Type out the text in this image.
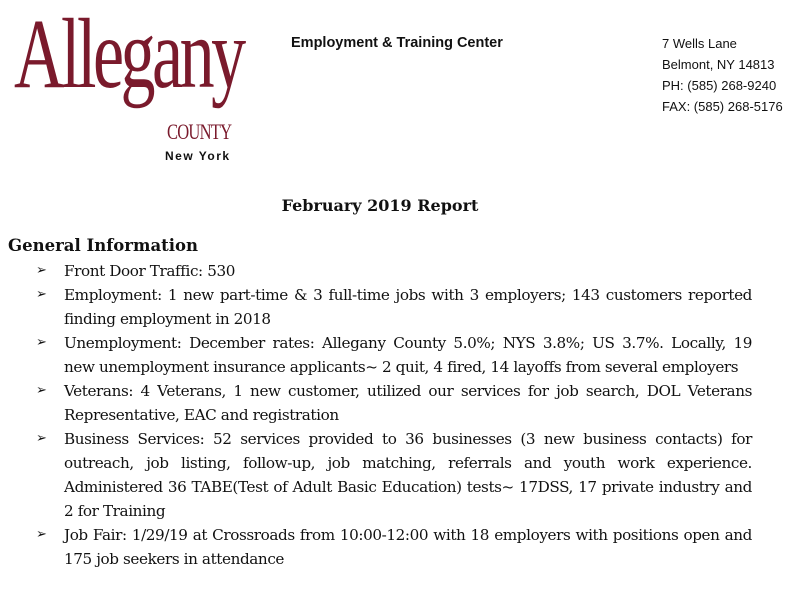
Allegany
COUNTY
New York
Employment & Training Center	7 Wells Lane
Belmont, NY 14813
PH: (585) 268-9240
FAX: (585) 268-5176
February 2019 Report
General Information
➢ Front Door Traffic: 530
➢ Employment: 1 new part-time & 3 full-time jobs with 3 employers; 143 customers reported finding employment in 2018
➢ Unemployment: December rates: Allegany County 5.0%; NYS 3.8%; US 3.7%. Locally, 19 new unemployment insurance applicants~ 2 quit, 4 fired, 14 layoffs from several employers
➢ Veterans: 4 Veterans, 1 new customer, utilized our services for job search, DOL Veterans Representative, EAC and registration
➢ Business Services: 52 services provided to 36 businesses (3 new business contacts) for outreach, job listing, follow-up, job matching, referrals and youth work experience. Administered 36 TABE(Test of Adult Basic Education) tests~ 17DSS, 17 private industry and 2 for Training
➢ Job Fair: 1/29/19 at Crossroads from 10:00-12:00 with 18 employers with positions open and 175 job seekers in attendance
